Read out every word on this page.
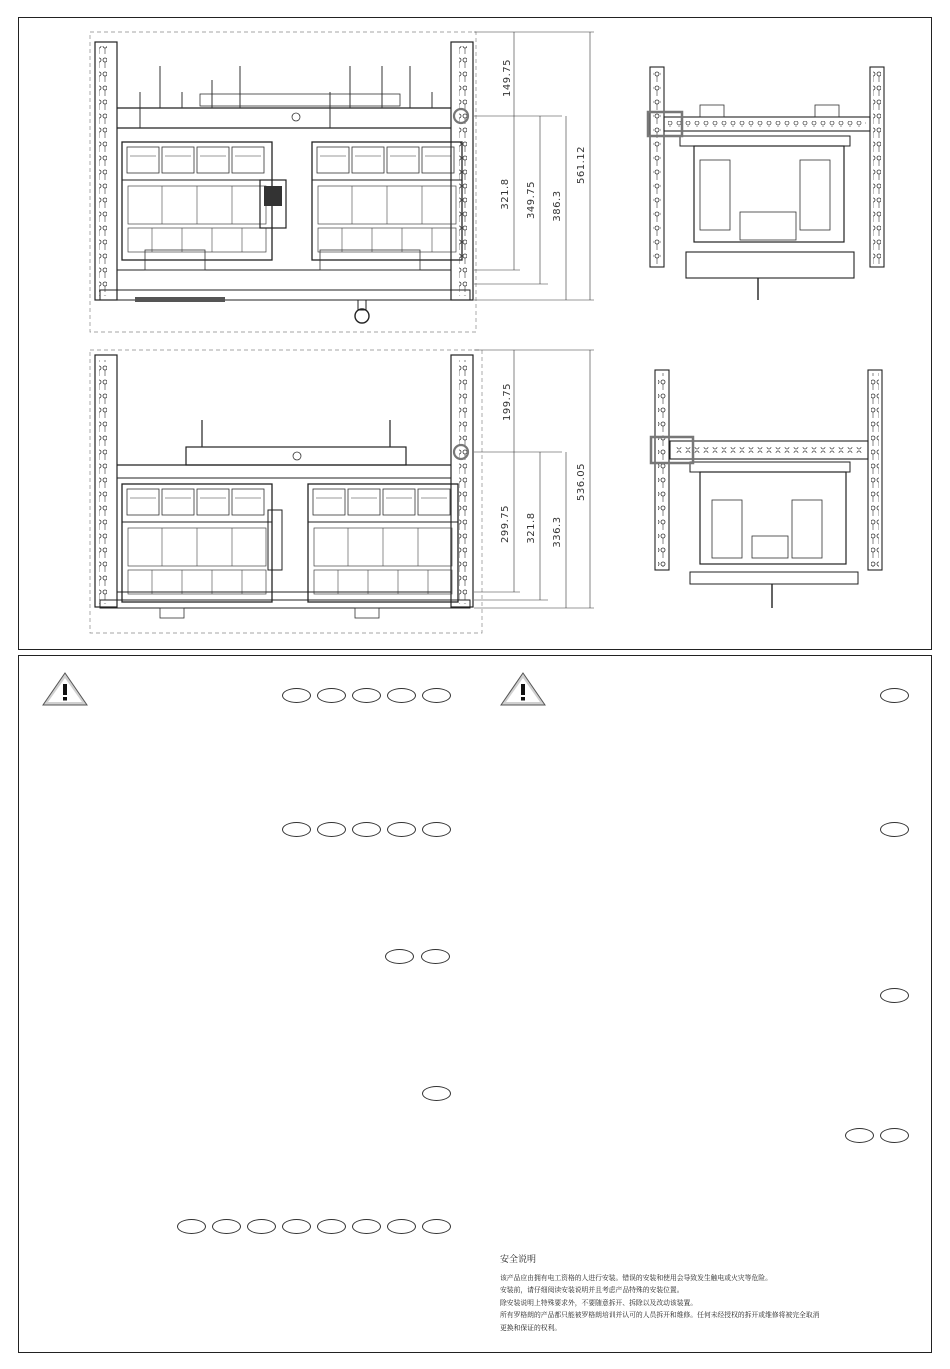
149.75
321.8 349.75 386.3
561.12
199.75
299.75 321.8 336.3
536.05
安全说明
该产品应由拥有电工资格的人进行安装。错误的安装和使用会导致发生触电或火灾等危险。
安装前，请仔细阅读安装说明并且考虑产品特殊的安装位置。
除安装说明上特殊要求外，不要随意拆开、拆除以及改动该装置。
所有罗格朗的产品都只能被罗格朗培训并认可的人员拆开和维修。任何未经授权的拆开或维修将被完全取消
更换和保证的权利。
